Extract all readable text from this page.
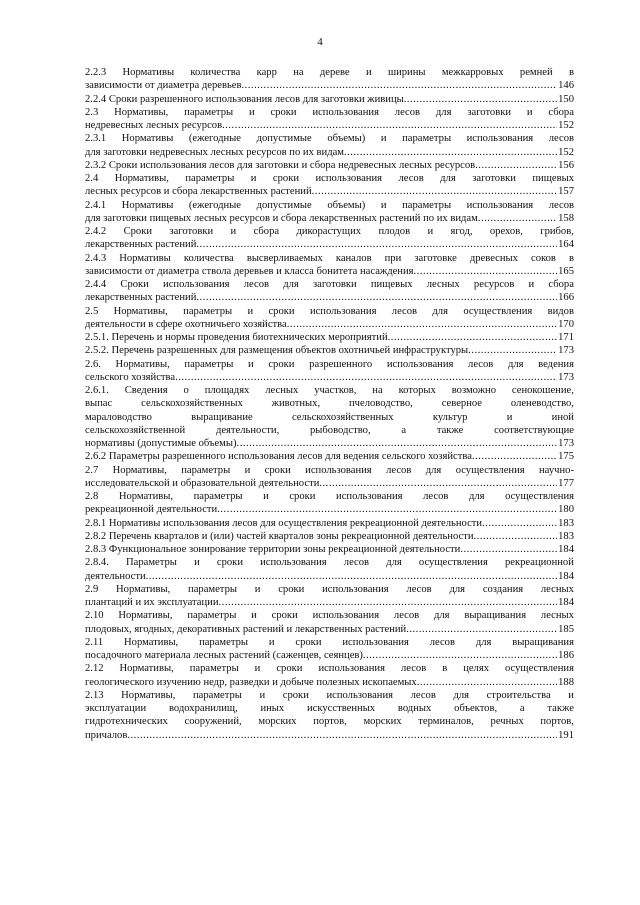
4
2.2.3 Нормативы количества карр на дереве и ширины межкарровых ремней в
зависимости от диаметра деревьев .....	146
2.2.4 Сроки разрешенного использования лесов для заготовки живицы .....	150
2.3 Нормативы, параметры и сроки использования лесов для заготовки и сбора
недревесных лесных ресурсов .....	152
2.3.1 Нормативы (ежегодные допустимые объемы) и параметры использования лесов
для заготовки недревесных лесных ресурсов по их видам .....	152
2.3.2 Сроки использования лесов для заготовки и сбора недревесных лесных ресурсов .....	156
2.4 Нормативы, параметры и сроки использования лесов для заготовки пищевых
лесных ресурсов и сбора лекарственных растений .....	157
2.4.1 Нормативы (ежегодные допустимые объемы) и параметры использования лесов
для заготовки пищевых лесных ресурсов и сбора лекарственных растений по их видам .....	158
2.4.2 Сроки заготовки и сбора дикорастущих плодов и ягод, орехов, грибов,
лекарственных растений .....	164
2.4.3 Нормативы количества высверливаемых каналов при заготовке древесных соков в
зависимости от диаметра ствола деревьев и класса бонитета насаждения .....	165
2.4.4 Сроки использования лесов для заготовки пищевых лесных ресурсов и сбора
лекарственных растений .....	166
2.5 Нормативы, параметры и сроки использования лесов для осуществления видов
деятельности в сфере охотничьего хозяйства .....	170
2.5.1. Перечень и нормы проведения биотехнических мероприятий .....	171
2.5.2. Перечень разрешенных для размещения объектов охотничьей инфраструктуры .....	173
2.6. Нормативы, параметры и сроки разрешенного использования лесов для ведения
сельского хозяйства .....	173
2.6.1. Сведения о площадях лесных участков, на которых возможно сенокошение,
выпас	сельскохозяйственных	животных,	пчеловодство,	северное	оленеводство,
мараловодство	выращивание	сельскохозяйственных	культур	и	иной
сельскохозяйственной	деятельности,	рыбоводство,	а	также	соответствующие
нормативы (допустимые объемы) .....	173
2.6.2 Параметры разрешенного использования лесов для ведения сельского хозяйства .....	175
2.7 Нормативы, параметры и сроки использования лесов для осуществления научно-
исследовательской и образовательной деятельности .....	177
2.8 Нормативы, параметры и сроки использования лесов для осуществления
рекреационной деятельности .....	180
2.8.1 Нормативы использования лесов для осуществления рекреационной деятельности .....	183
2.8.2 Перечень кварталов и (или) частей кварталов зоны рекреационной деятельности .....	183
2.8.3 Функциональное зонирование территории зоны рекреационной деятельности .....	184
2.8.4. Параметры и сроки использования лесов для осуществления рекреационной
деятельности .....	184
2.9 Нормативы, параметры и сроки использования лесов для создания лесных
плантаций и их эксплуатации .....	184
2.10 Нормативы, параметры и сроки использования лесов для выращивания лесных
плодовых, ягодных, декоративных растений и лекарственных растений .....	185
2.11 Нормативы, параметры и сроки использования лесов для выращивания
посадочного материала лесных растений (саженцев, сеянцев) .....	186
2.12 Нормативы, параметры и сроки использования лесов в целях осуществления
геологического изучению недр, разведки и добыче полезных ископаемых .....	188
2.13 Нормативы, параметры и сроки использования лесов для строительства и
эксплуатации водохранилищ, иных искусственных водных объектов, а также
гидротехнических сооружений, морских портов, морских терминалов, речных портов,
причалов .....	191
